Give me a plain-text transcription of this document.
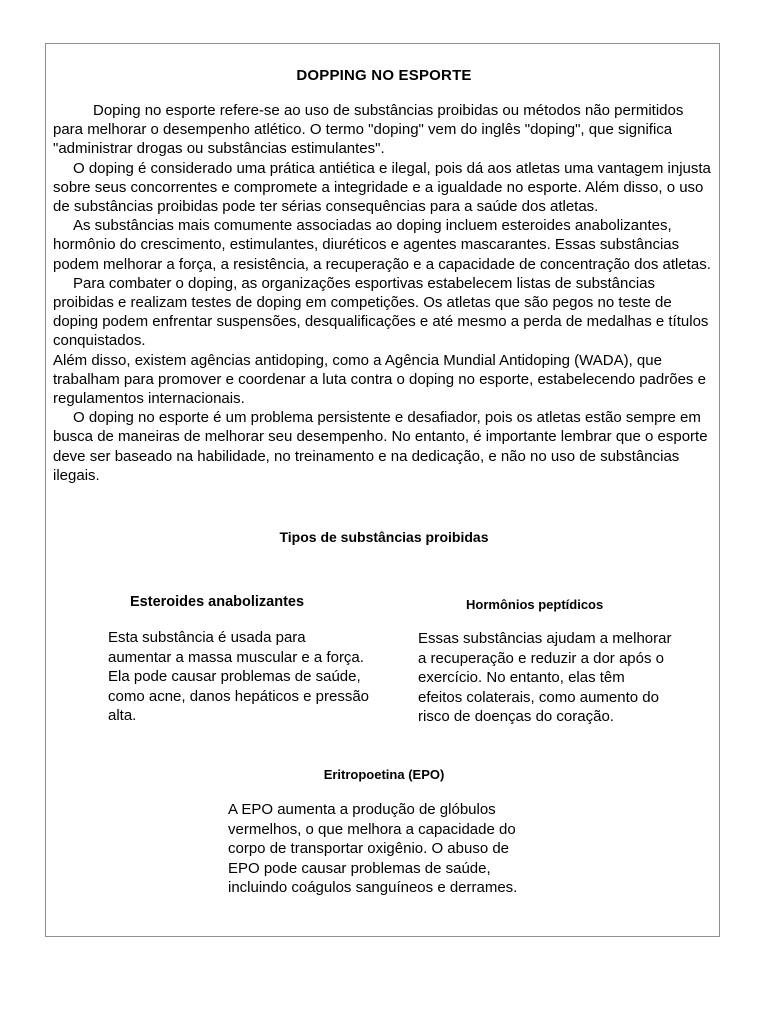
DOPPING NO ESPORTE

Doping no esporte refere-se ao uso de substâncias proibidas ou métodos não permitidos para melhorar o desempenho atlético. O termo "doping" vem do inglês "doping", que significa "administrar drogas ou substâncias estimulantes".

O doping é considerado uma prática antiética e ilegal, pois dá aos atletas uma vantagem injusta sobre seus concorrentes e compromete a integridade e a igualdade no esporte. Além disso, o uso de substâncias proibidas pode ter sérias consequências para a saúde dos atletas.

As substâncias mais comumente associadas ao doping incluem esteroides anabolizantes, hormônio do crescimento, estimulantes, diuréticos e agentes mascarantes. Essas substâncias podem melhorar a força, a resistência, a recuperação e a capacidade de concentração dos atletas.

Para combater o doping, as organizações esportivas estabelecem listas de substâncias proibidas e realizam testes de doping em competições. Os atletas que são pegos no teste de doping podem enfrentar suspensões, desqualificações e até mesmo a perda de medalhas e títulos conquistados.

Além disso, existem agências antidoping, como a Agência Mundial Antidoping (WADA), que trabalham para promover e coordenar a luta contra o doping no esporte, estabelecendo padrões e regulamentos internacionais.

O doping no esporte é um problema persistente e desafiador, pois os atletas estão sempre em busca de maneiras de melhorar seu desempenho. No entanto, é importante lembrar que o esporte deve ser baseado na habilidade, no treinamento e na dedicação, e não no uso de substâncias ilegais.

Tipos de substâncias proibidas
Esteroides anabolizantes
Esta substância é usada para aumentar a massa muscular e a força. Ela pode causar problemas de saúde, como acne, danos hepáticos e pressão alta.
Hormônios peptídicos
Essas substâncias ajudam a melhorar a recuperação e reduzir a dor após o exercício. No entanto, elas têm efeitos colaterais, como aumento do risco de doenças do coração.
Eritropoetina (EPO)
A EPO aumenta a produção de glóbulos vermelhos, o que melhora a capacidade do corpo de transportar oxigênio. O abuso de EPO pode causar problemas de saúde, incluindo coágulos sanguíneos e derrames.
